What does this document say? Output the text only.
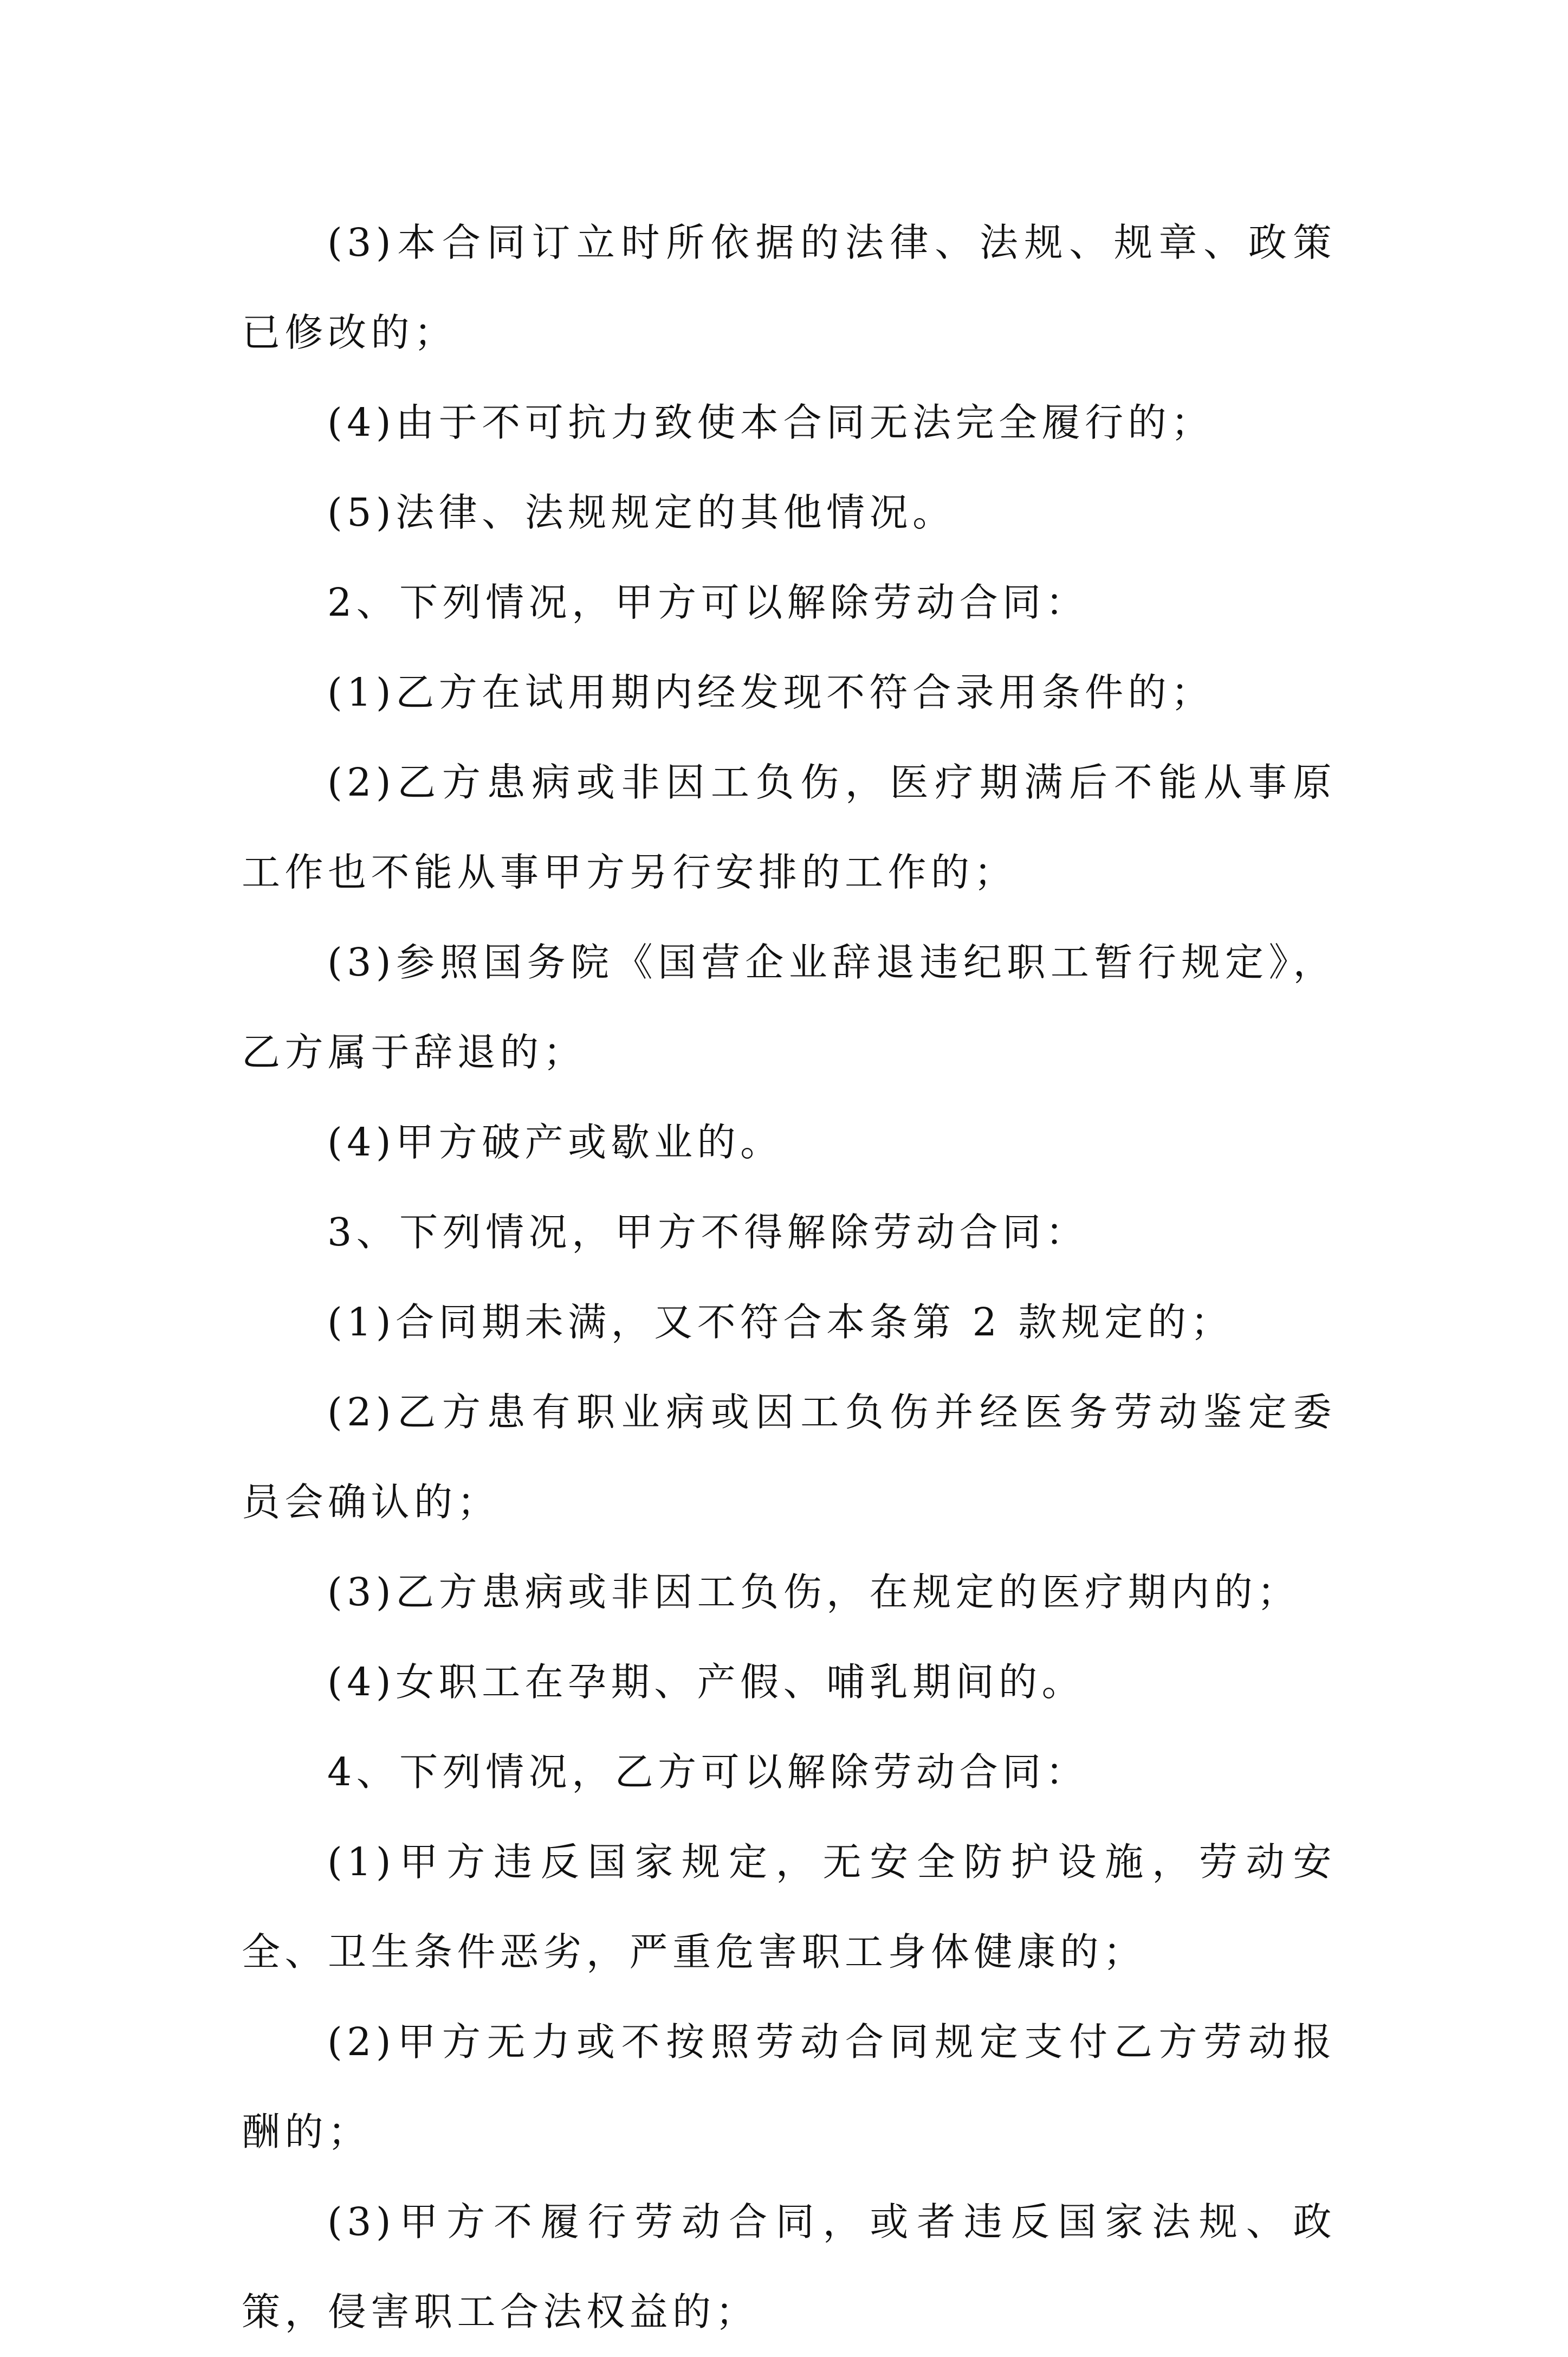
(3)本合同订立时所依据的法律、法规、规章、政策已修改的；

(4)由于不可抗力致使本合同无法完全履行的；

(5)法律、法规规定的其他情况。

2、下列情况，甲方可以解除劳动合同：

(1)乙方在试用期内经发现不符合录用条件的；

(2)乙方患病或非因工负伤，医疗期满后不能从事原工作也不能从事甲方另行安排的工作的；

(3)参照国务院《国营企业辞退违纪职工暂行规定》，乙方属于辞退的；

(4)甲方破产或歇业的。

3、下列情况，甲方不得解除劳动合同：

(1)合同期未满，又不符合本条第 2 款规定的；

(2)乙方患有职业病或因工负伤并经医务劳动鉴定委员会确认的；

(3)乙方患病或非因工负伤，在规定的医疗期内的；

(4)女职工在孕期、产假、哺乳期间的。

4、下列情况，乙方可以解除劳动合同：

(1)甲方违反国家规定，无安全防护设施，劳动安全、卫生条件恶劣，严重危害职工身体健康的；

(2)甲方无力或不按照劳动合同规定支付乙方劳动报酬的；

(3)甲方不履行劳动合同，或者违反国家法规、政策，侵害职工合法权益的；
